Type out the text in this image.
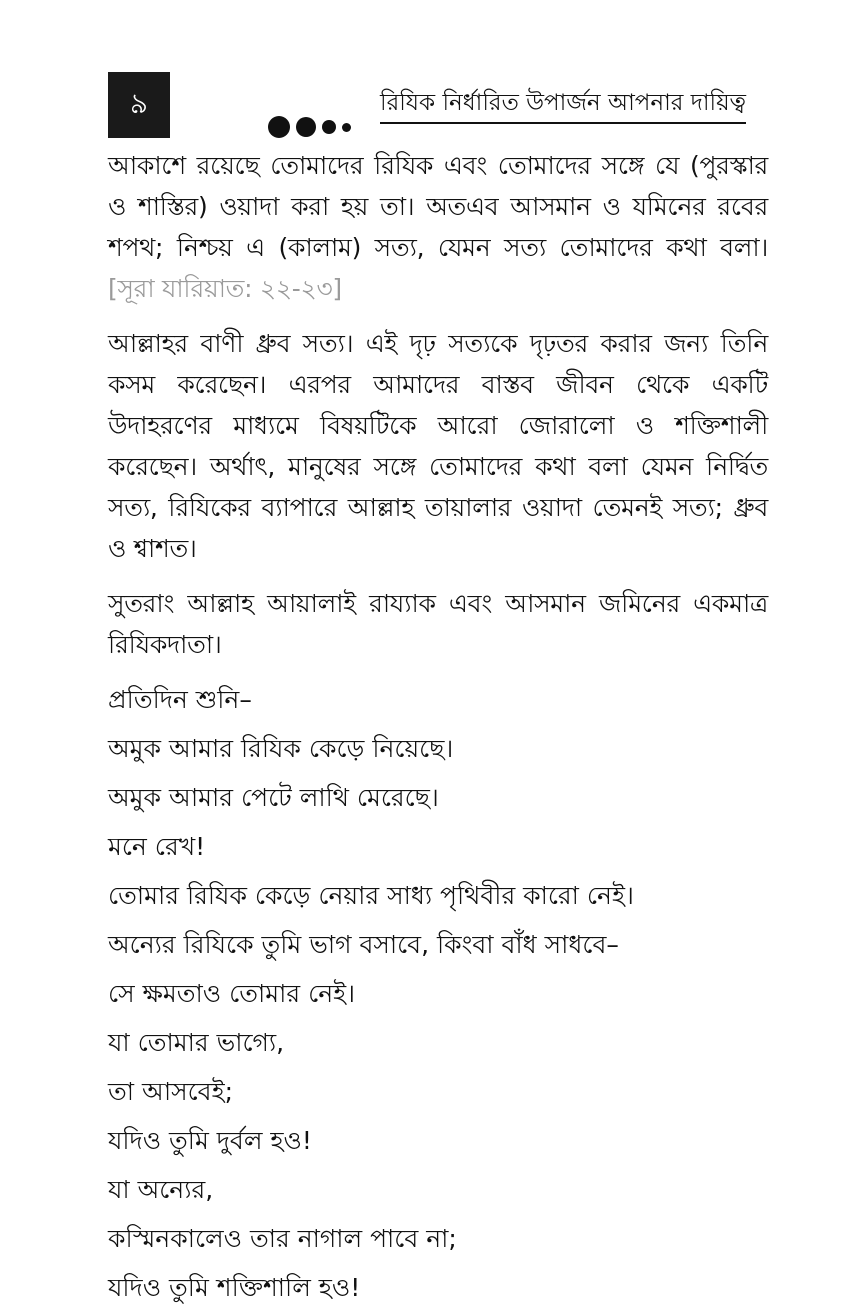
৯	রিযিক নির্ধারিত উপার্জন আপনার দায়িত্ব

আকাশে রয়েছে তোমাদের রিযিক এবং তোমাদের সঙ্গে যে (পুরস্কার ও শাস্তির) ওয়াদা করা হয় তা। অতএব আসমান ও যমিনের রবের শপথ; নিশ্চয় এ (কালাম) সত্য, যেমন সত্য তোমাদের কথা বলা। [সূরা যারিয়াত: ২২-২৩]

আল্লাহর বাণী ধ্রুব সত্য। এই দৃঢ় সত্যকে দৃঢ়তর করার জন্য তিনি কসম করেছেন। এরপর আমাদের বাস্তব জীবন থেকে একটি উদাহরণের মাধ্যমে বিষয়টিকে আরো জোরালো ও শক্তিশালী করেছেন। অর্থাৎ, মানুষের সঙ্গে তোমাদের কথা বলা যেমন নির্দ্বিত সত্য, রিযিকের ব্যাপারে আল্লাহ তায়ালার ওয়াদা তেমনই সত্য; ধ্রুব ও শ্বাশত।

সুতরাং আল্লাহ আয়ালাই রায্যাক এবং আসমান জমিনের একমাত্র রিযিকদাতা।

প্রতিদিন শুনি–
অমুক আমার রিযিক কেড়ে নিয়েছে।
অমুক আমার পেটে লাথি মেরেছে।
মনে রেখ!
তোমার রিযিক কেড়ে নেয়ার সাধ্য পৃথিবীর কারো নেই।
অন্যের রিযিকে তুমি ভাগ বসাবে, কিংবা বাঁধ সাধবে–
সে ক্ষমতাও তোমার নেই।
যা তোমার ভাগ্যে,
তা আসবেই;
যদিও তুমি দুর্বল হও!
যা অন্যের,
কস্মিনকালেও তার নাগাল পাবে না;
যদিও তুমি শক্তিশালি হও!
